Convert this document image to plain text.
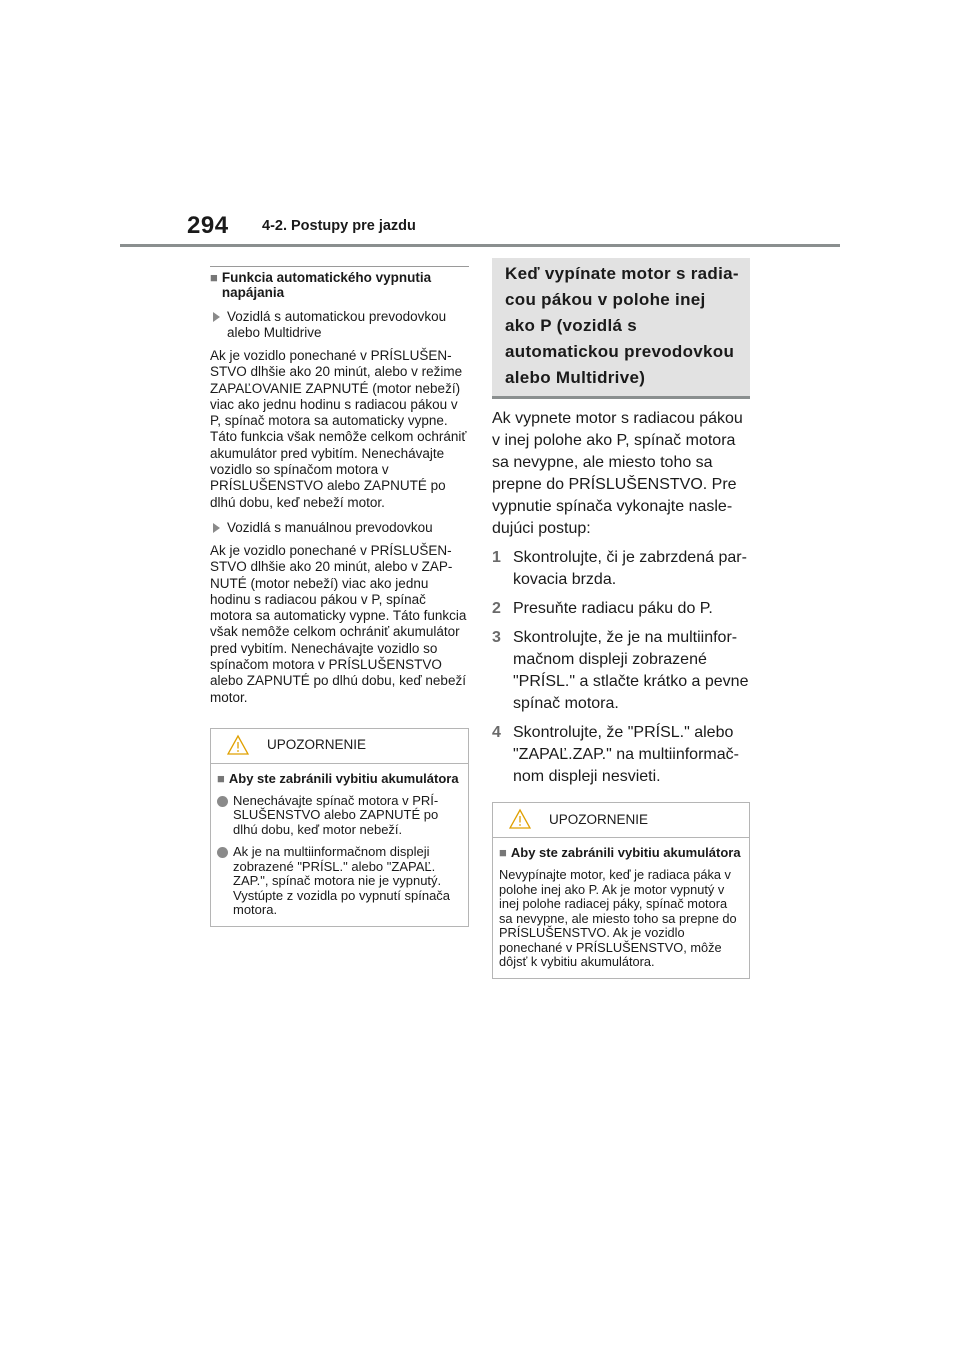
294 4-2. Postupy pre jazdu
■ Funkcia automatického vypnutia napájania
Vozidlá s automatickou prevodovkou alebo Multidrive
Ak je vozidlo ponechané v PRÍSLUŠENSTVO dlhšie ako 20 minút, alebo v režime ZAPAĽOVANIE ZAPNUTÉ (motor nebeží) viac ako jednu hodinu s radiacou pákou v P, spínač motora sa automaticky vypne. Táto funkcia však nemôže celkom ochrániť akumulátor pred vybitím. Nenechávajte vozidlo so spínačom motora v PRÍSLUŠENSTVO alebo ZAPNUTÉ po dlhú dobu, keď nebeží motor.
Vozidlá s manuálnou prevodovkou
Ak je vozidlo ponechané v PRÍSLUŠENSTVO dlhšie ako 20 minút, alebo v ZAPNUTÉ (motor nebeží) viac ako jednu hodinu s radiacou pákou v P, spínač motora sa automaticky vypne. Táto funkcia však nemôže celkom ochrániť akumulátor pred vybitím. Nenechávajte vozidlo so spínačom motora v PRÍSLUŠENSTVO alebo ZAPNUTÉ po dlhú dobu, keď nebeží motor.
UPOZORNENIE
■ Aby ste zabránili vybitiu akumulátora
Nenechávajte spínač motora v PRÍSLUŠENSTVO alebo ZAPNUTÉ po dlhú dobu, keď motor nebeží.
Ak je na multiinformačnom displeji zobrazené "PRÍSL." alebo "ZAPAĽ. ZAP.", spínač motora nie je vypnutý. Vystúpte z vozidla po vypnutí spínača motora.
Keď vypínate motor s radiacou pákou v polohe inej ako P (vozidlá s automatickou prevodovkou alebo Multidrive)
Ak vypnete motor s radiacou pákou v inej polohe ako P, spínač motora sa nevypne, ale miesto toho sa prepne do PRÍSLUŠENSTVO. Pre vypnutie spínača vykonajte nasledujúci postup:
1 Skontrolujte, či je zabrzdená parkovacia brzda.
2 Presuňte radiacu páku do P.
3 Skontrolujte, že je na multiinformačnom displeji zobrazené "PRÍSL." a stlačte krátko a pevne spínač motora.
4 Skontrolujte, že "PRÍSL." alebo "ZAPAĽ.ZAP." na multiinformačnom displeji nesvieti.
UPOZORNENIE
■ Aby ste zabránili vybitiu akumulátora
Nevypínajte motor, keď je radiaca páka v polohe inej ako P. Ak je motor vypnutý v inej polohe radiacej páky, spínač motora sa nevypne, ale miesto toho sa prepne do PRÍSLUŠENSTVO. Ak je vozidlo ponechané v PRÍSLUŠENSTVO, môže dôjsť k vybitiu akumulátora.
